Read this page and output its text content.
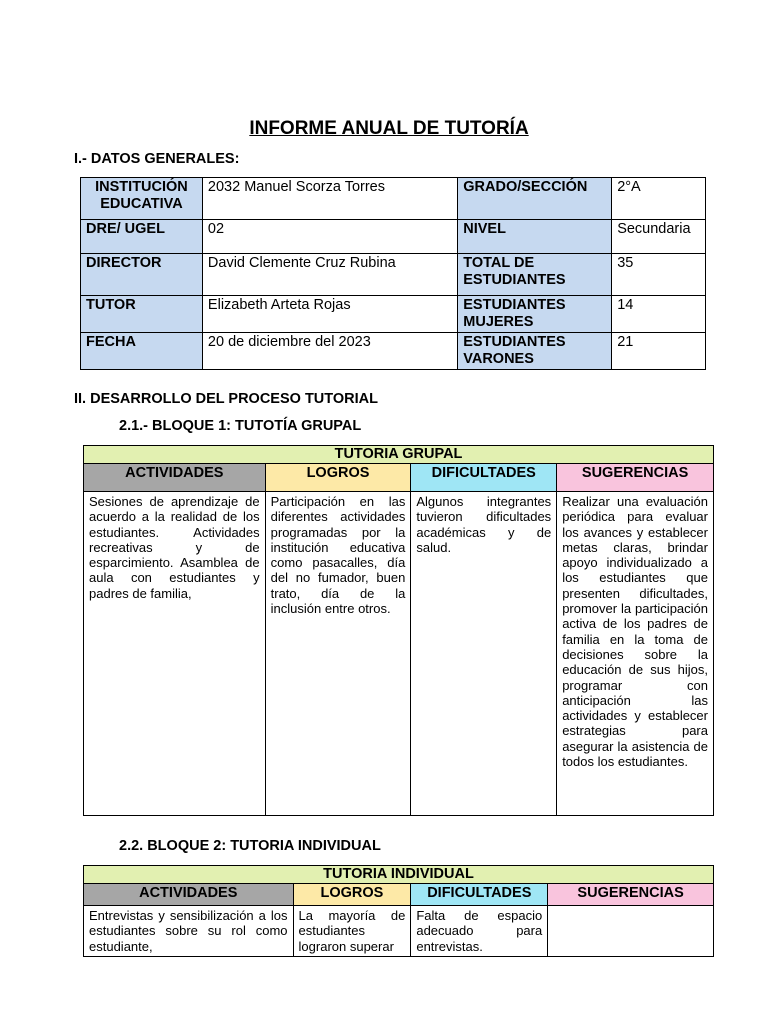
INFORME ANUAL DE TUTORÍA
I.- DATOS GENERALES:
INSTITUCIÓN EDUCATIVA	2032 Manuel Scorza Torres	GRADO/SECCIÓN	2°A
DRE/ UGEL	02	NIVEL	Secundaria
DIRECTOR	David Clemente Cruz Rubina	TOTAL DE ESTUDIANTES	35
TUTOR	Elizabeth Arteta Rojas	ESTUDIANTES MUJERES	14
FECHA	20 de diciembre del 2023	ESTUDIANTES VARONES	21
II. DESARROLLO DEL PROCESO TUTORIAL
2.1.- BLOQUE 1: TUTOTÍA GRUPAL
TUTORIA GRUPAL			
ACTIVIDADES	LOGROS	DIFICULTADES	SUGERENCIAS
Sesiones de aprendizaje de acuerdo a la realidad de los estudiantes. Actividades recreativas y de esparcimiento. Asamblea de aula con estudiantes y padres de familia,	Participación en las diferentes actividades programadas por la institución educativa como pasacalles, día del no fumador, buen trato, día de la inclusión entre otros.	Algunos integrantes tuvieron dificultades académicas y de salud.	Realizar una evaluación periódica para evaluar los avances y establecer metas claras, brindar apoyo individualizado a los estudiantes que presenten dificultades, promover la participación activa de los padres de familia en la toma de decisiones sobre la educación de sus hijos, programar con anticipación las actividades y establecer estrategias para asegurar la asistencia de todos los estudiantes.
2.2. BLOQUE 2: TUTORIA INDIVIDUAL
TUTORIA INDIVIDUAL			
ACTIVIDADES	LOGROS	DIFICULTADES	SUGERENCIAS
Entrevistas y sensibilización a los estudiantes sobre su rol como estudiante,	La mayoría de estudiantes lograron superar	Falta de espacio adecuado para entrevistas.	
